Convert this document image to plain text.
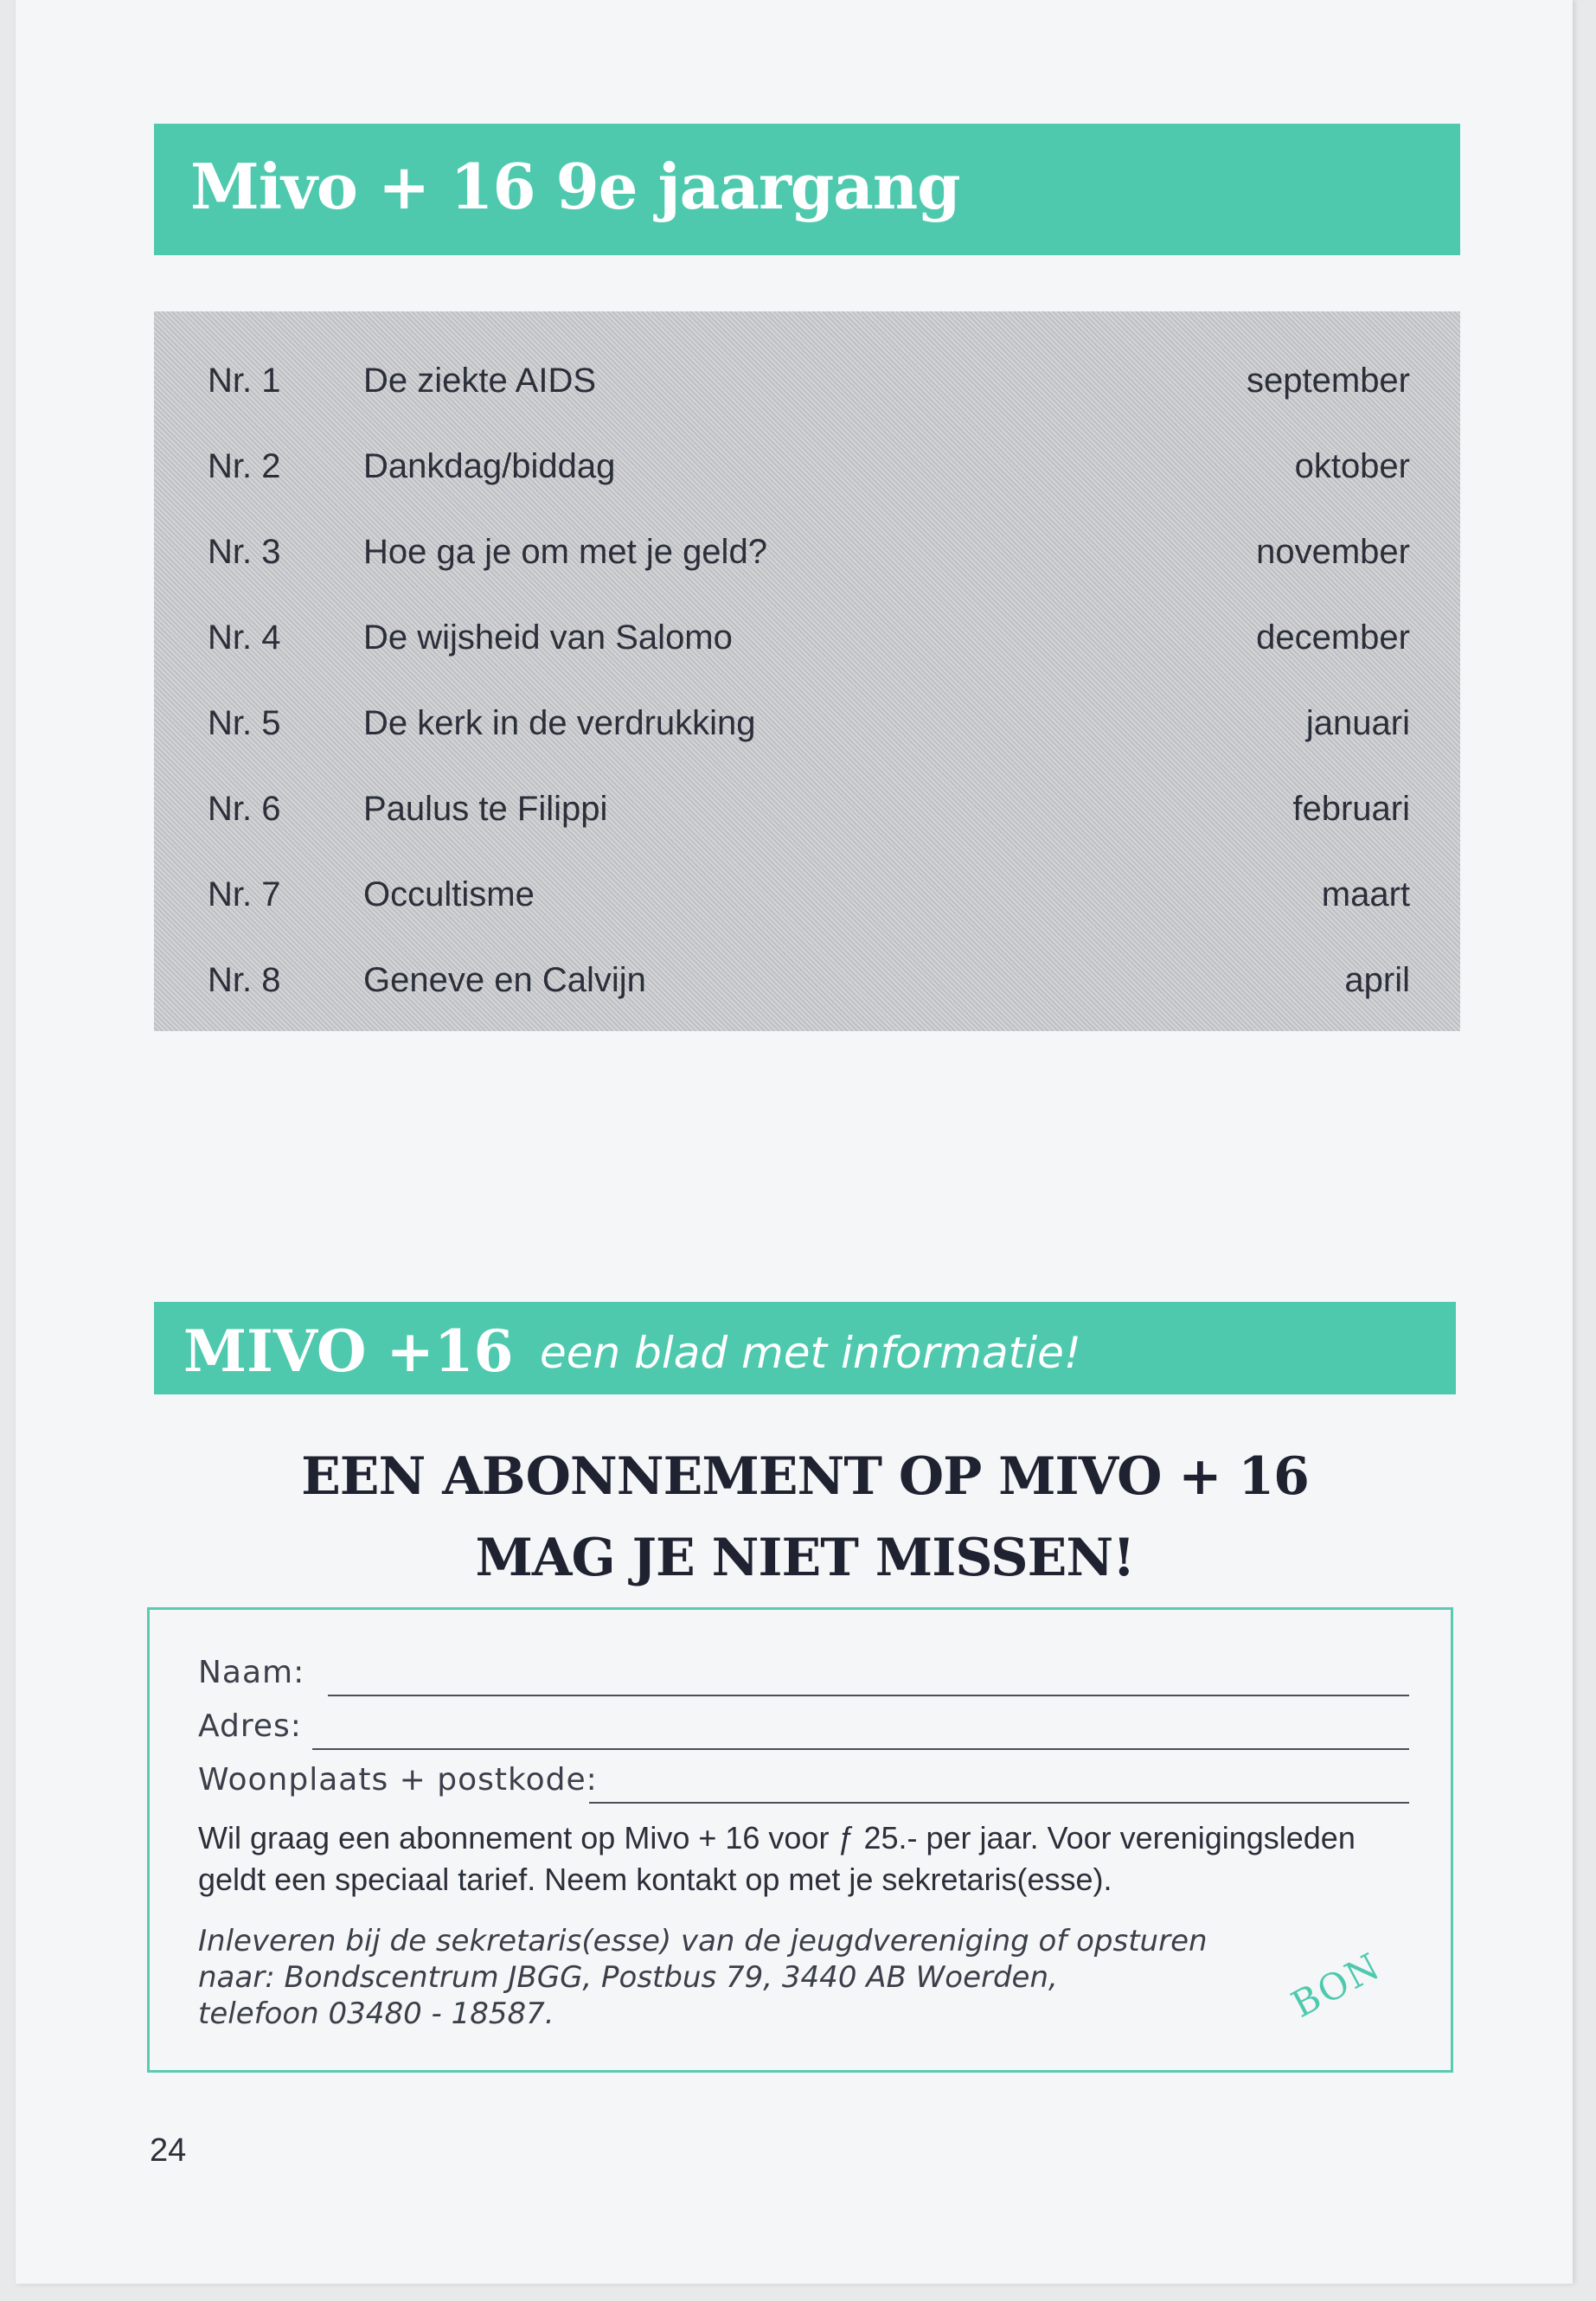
Mivo + 16 9e jaargang
Nr. 1 De ziekte AIDS	september
Nr. 2 Dankdag/biddag	oktober
Nr. 3 Hoe ga je om met je geld?	november
Nr. 4 De wijsheid van Salomo	december
Nr. 5 De kerk in de verdrukking	januari
Nr. 6 Paulus te Filippi	februari
Nr. 7 Occultisme	maart
Nr. 8 Geneve en Calvijn	april
MIVO +16 een blad met informatie!
EEN ABONNEMENT OP MIVO + 16
MAG JE NIET MISSEN!
Naam:
Adres:
Woonplaats + postkode:

Wil graag een abonnement op Mivo + 16 voor ƒ 25.- per jaar. Voor verenigingsleden

geldt een speciaal tarief. Neem kontakt op met je sekretaris(esse).

Inleveren bij de sekretaris(esse) van de jeugdvereniging of opsturen

naar: Bondscentrum JBGG, Postbus 79, 3440 AB Woerden,

telefoon 03480 - 18587.	BON
24
